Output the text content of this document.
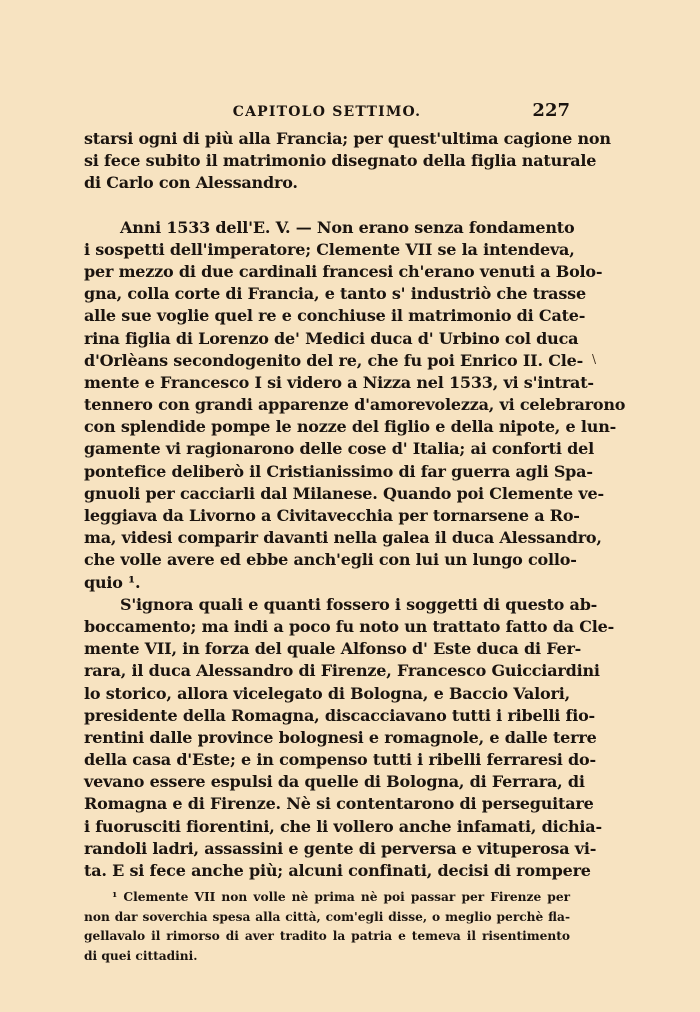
CAPITOLO SETTIMO.	227
starsi ogni di più alla Francia; per quest'ultima cagione non
si fece subito il matrimonio disegnato della figlia naturale
di Carlo con Alessandro.
Anni 1533 dell'E. V. — Non erano senza fondamento
i sospetti dell'imperatore; Clemente VII se la intendeva,
per mezzo di due cardinali francesi ch'erano venuti a Bolo-
gna, colla corte di Francia, e tanto s' industriò che trasse
alle sue voglie quel re e conchiuse il matrimonio di Cate-
rina figlia di Lorenzo de' Medici duca d' Urbino col duca
d'Orlèans secondogenito del re, che fu poi Enrico II. Cle-
mente e Francesco I si videro a Nizza nel 1533, vi s'intrat-
tennero con grandi apparenze d'amorevolezza, vi celebrarono
con splendide pompe le nozze del figlio e della nipote, e lun-
gamente vi ragionarono delle cose d' Italia; ai conforti del
pontefice deliberò il Cristianissimo di far guerra agli Spa-
gnuoli per cacciarli dal Milanese. Quando poi Clemente ve-
leggiava da Livorno a Civitavecchia per tornarsene a Ro-
ma, videsi comparir davanti nella galea il duca Alessandro,
che volle avere ed ebbe anch'egli con lui un lungo collo-
quio ¹.
S'ignora quali e quanti fossero i soggetti di questo ab-
boccamento; ma indi a poco fu noto un trattato fatto da Cle-
mente VII, in forza del quale Alfonso d' Este duca di Fer-
rara, il duca Alessandro di Firenze, Francesco Guicciardini
lo storico, allora vicelegato di Bologna, e Baccio Valori,
presidente della Romagna, discacciavano tutti i ribelli fio-
rentini dalle province bolognesi e romagnole, e dalle terre
della casa d'Este; e in compenso tutti i ribelli ferraresi do-
vevano essere espulsi da quelle di Bologna, di Ferrara, di
Romagna e di Firenze. Nè si contentarono di perseguitare
i fuorusciti fiorentini, che li vollero anche infamati, dichia-
randoli ladri, assassini e gente di perversa e vituperosa vi-
ta. E si fece anche più; alcuni confinati, decisi di rompere
¹ Clemente VII non volle nè prima nè poi passar per Firenze per
non dar soverchia spesa alla città, com'egli disse, o meglio perchè fla-
gellavalo il rimorso di aver tradito la patria e temeva il risentimento
di quei cittadini.
\
